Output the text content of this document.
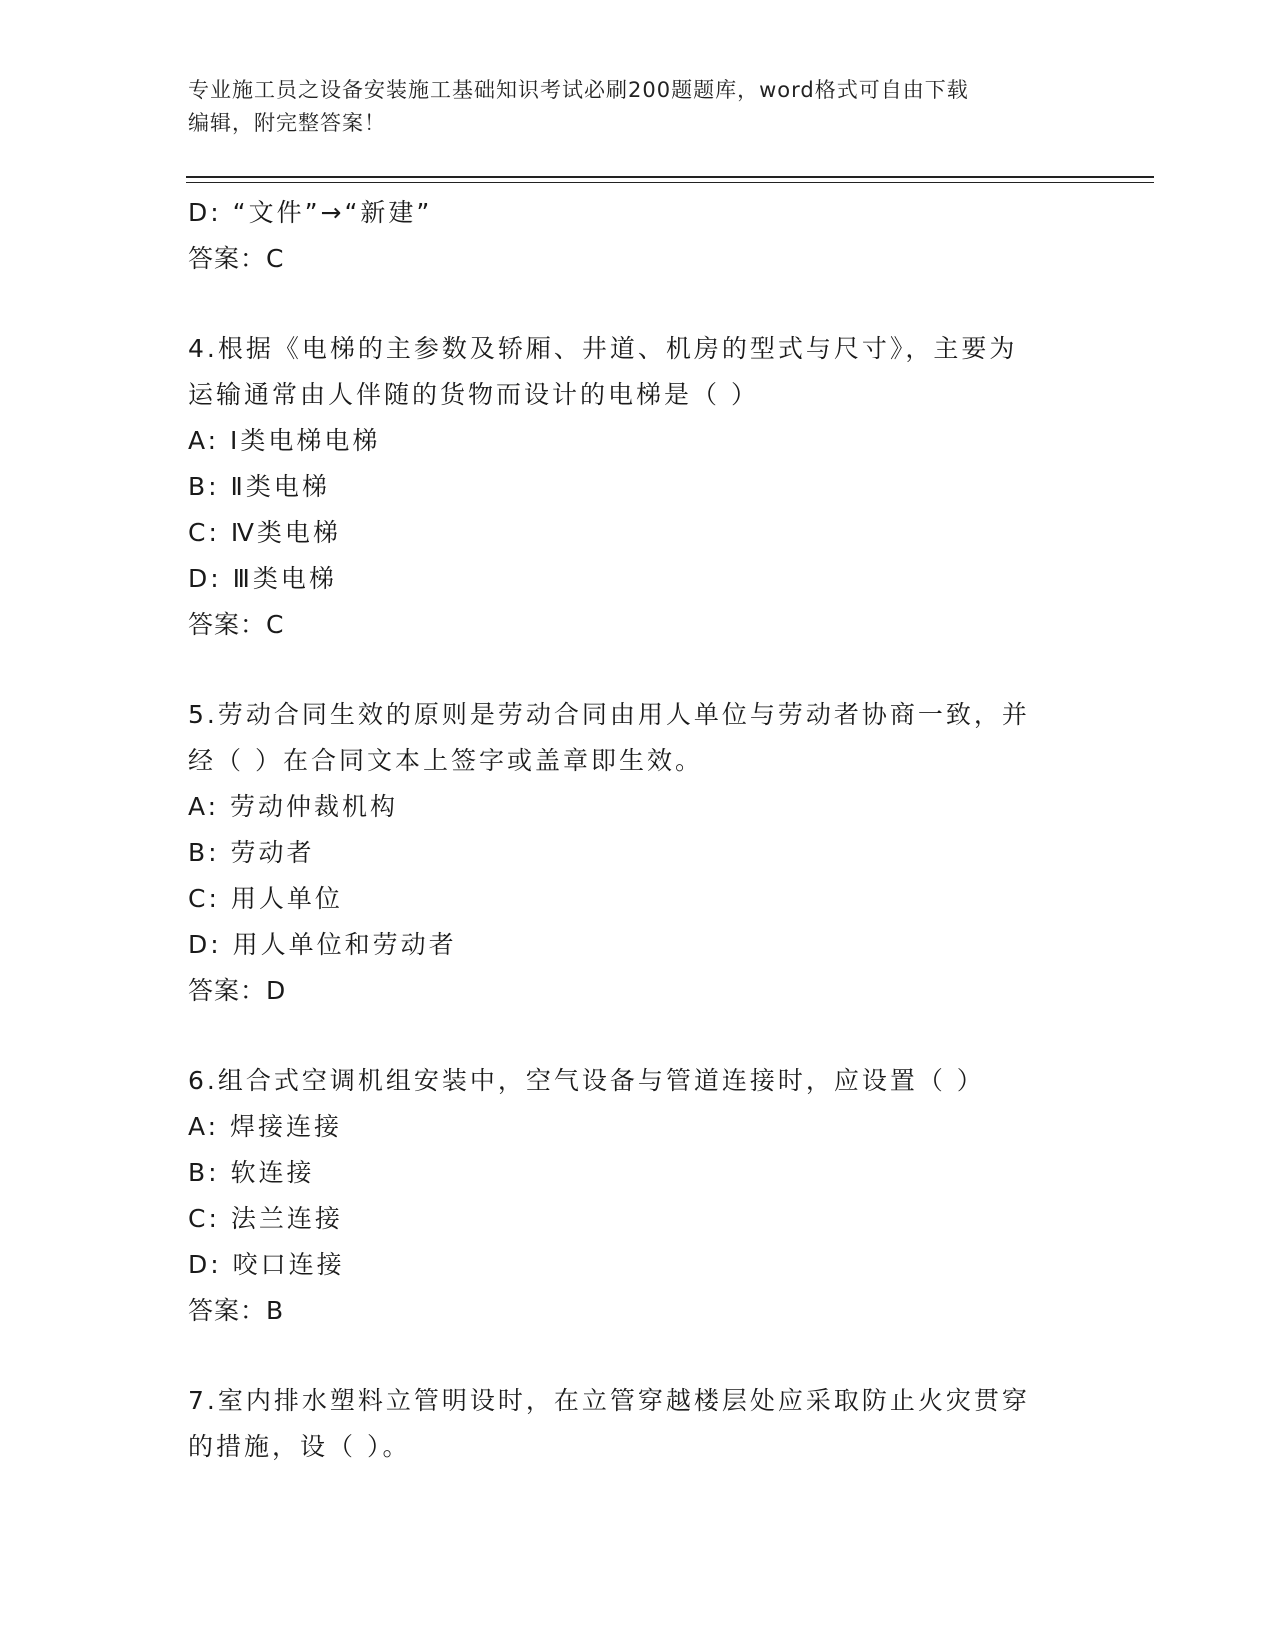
专业施工员之设备安装施工基础知识考试必刷200题题库，word格式可自由下载
编辑，附完整答案！
D: “文件”→“新建”
答案：C
4.根据《电梯的主参数及轿厢、井道、机房的型式与尺寸》，主要为
运输通常由人伴随的货物而设计的电梯是（ ）
A: Ⅰ类电梯电梯
B: Ⅱ类电梯
C: Ⅳ类电梯
D: Ⅲ类电梯
答案：C
5.劳动合同生效的原则是劳动合同由用人单位与劳动者协商一致，并
经（ ）在合同文本上签字或盖章即生效。
A: 劳动仲裁机构
B: 劳动者
C: 用人单位
D: 用人单位和劳动者
答案：D
6.组合式空调机组安装中，空气设备与管道连接时，应设置（ ）
A: 焊接连接
B: 软连接
C: 法兰连接
D: 咬口连接
答案：B
7.室内排水塑料立管明设时，在立管穿越楼层处应采取防止火灾贯穿
的措施，设（ ）。
